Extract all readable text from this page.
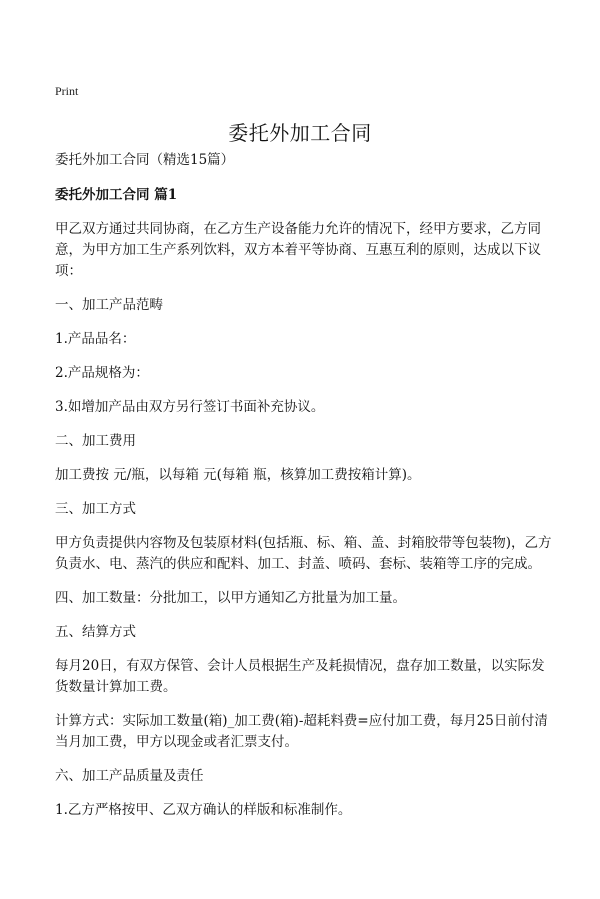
Print
委托外加工合同

委托外加工合同（精选15篇）

委托外加工合同 篇1

甲乙双方通过共同协商，在乙方生产设备能力允许的情况下，经甲方要求，乙方同意，为甲方加工生产系列饮料，双方本着平等协商、互惠互利的原则，达成以下议项：

一、加工产品范畴

1.产品品名：

2.产品规格为：

3.如增加产品由双方另行签订书面补充协议。

二、加工费用

加工费按 元/瓶，以每箱 元(每箱 瓶，核算加工费按箱计算)。

三、加工方式

甲方负责提供内容物及包装原材料(包括瓶、标、箱、盖、封箱胶带等包装物)，乙方负责水、电、蒸汽的供应和配料、加工、封盖、喷码、套标、装箱等工序的完成。

四、加工数量：分批加工，以甲方通知乙方批量为加工量。

五、结算方式

每月20日，有双方保管、会计人员根据生产及耗损情况，盘存加工数量，以实际发货数量计算加工费。

计算方式：实际加工数量(箱)_加工费(箱)-超耗料费=应付加工费，每月25日前付清当月加工费，甲方以现金或者汇票支付。

六、加工产品质量及责任

1.乙方严格按甲、乙双方确认的样版和标准制作。
